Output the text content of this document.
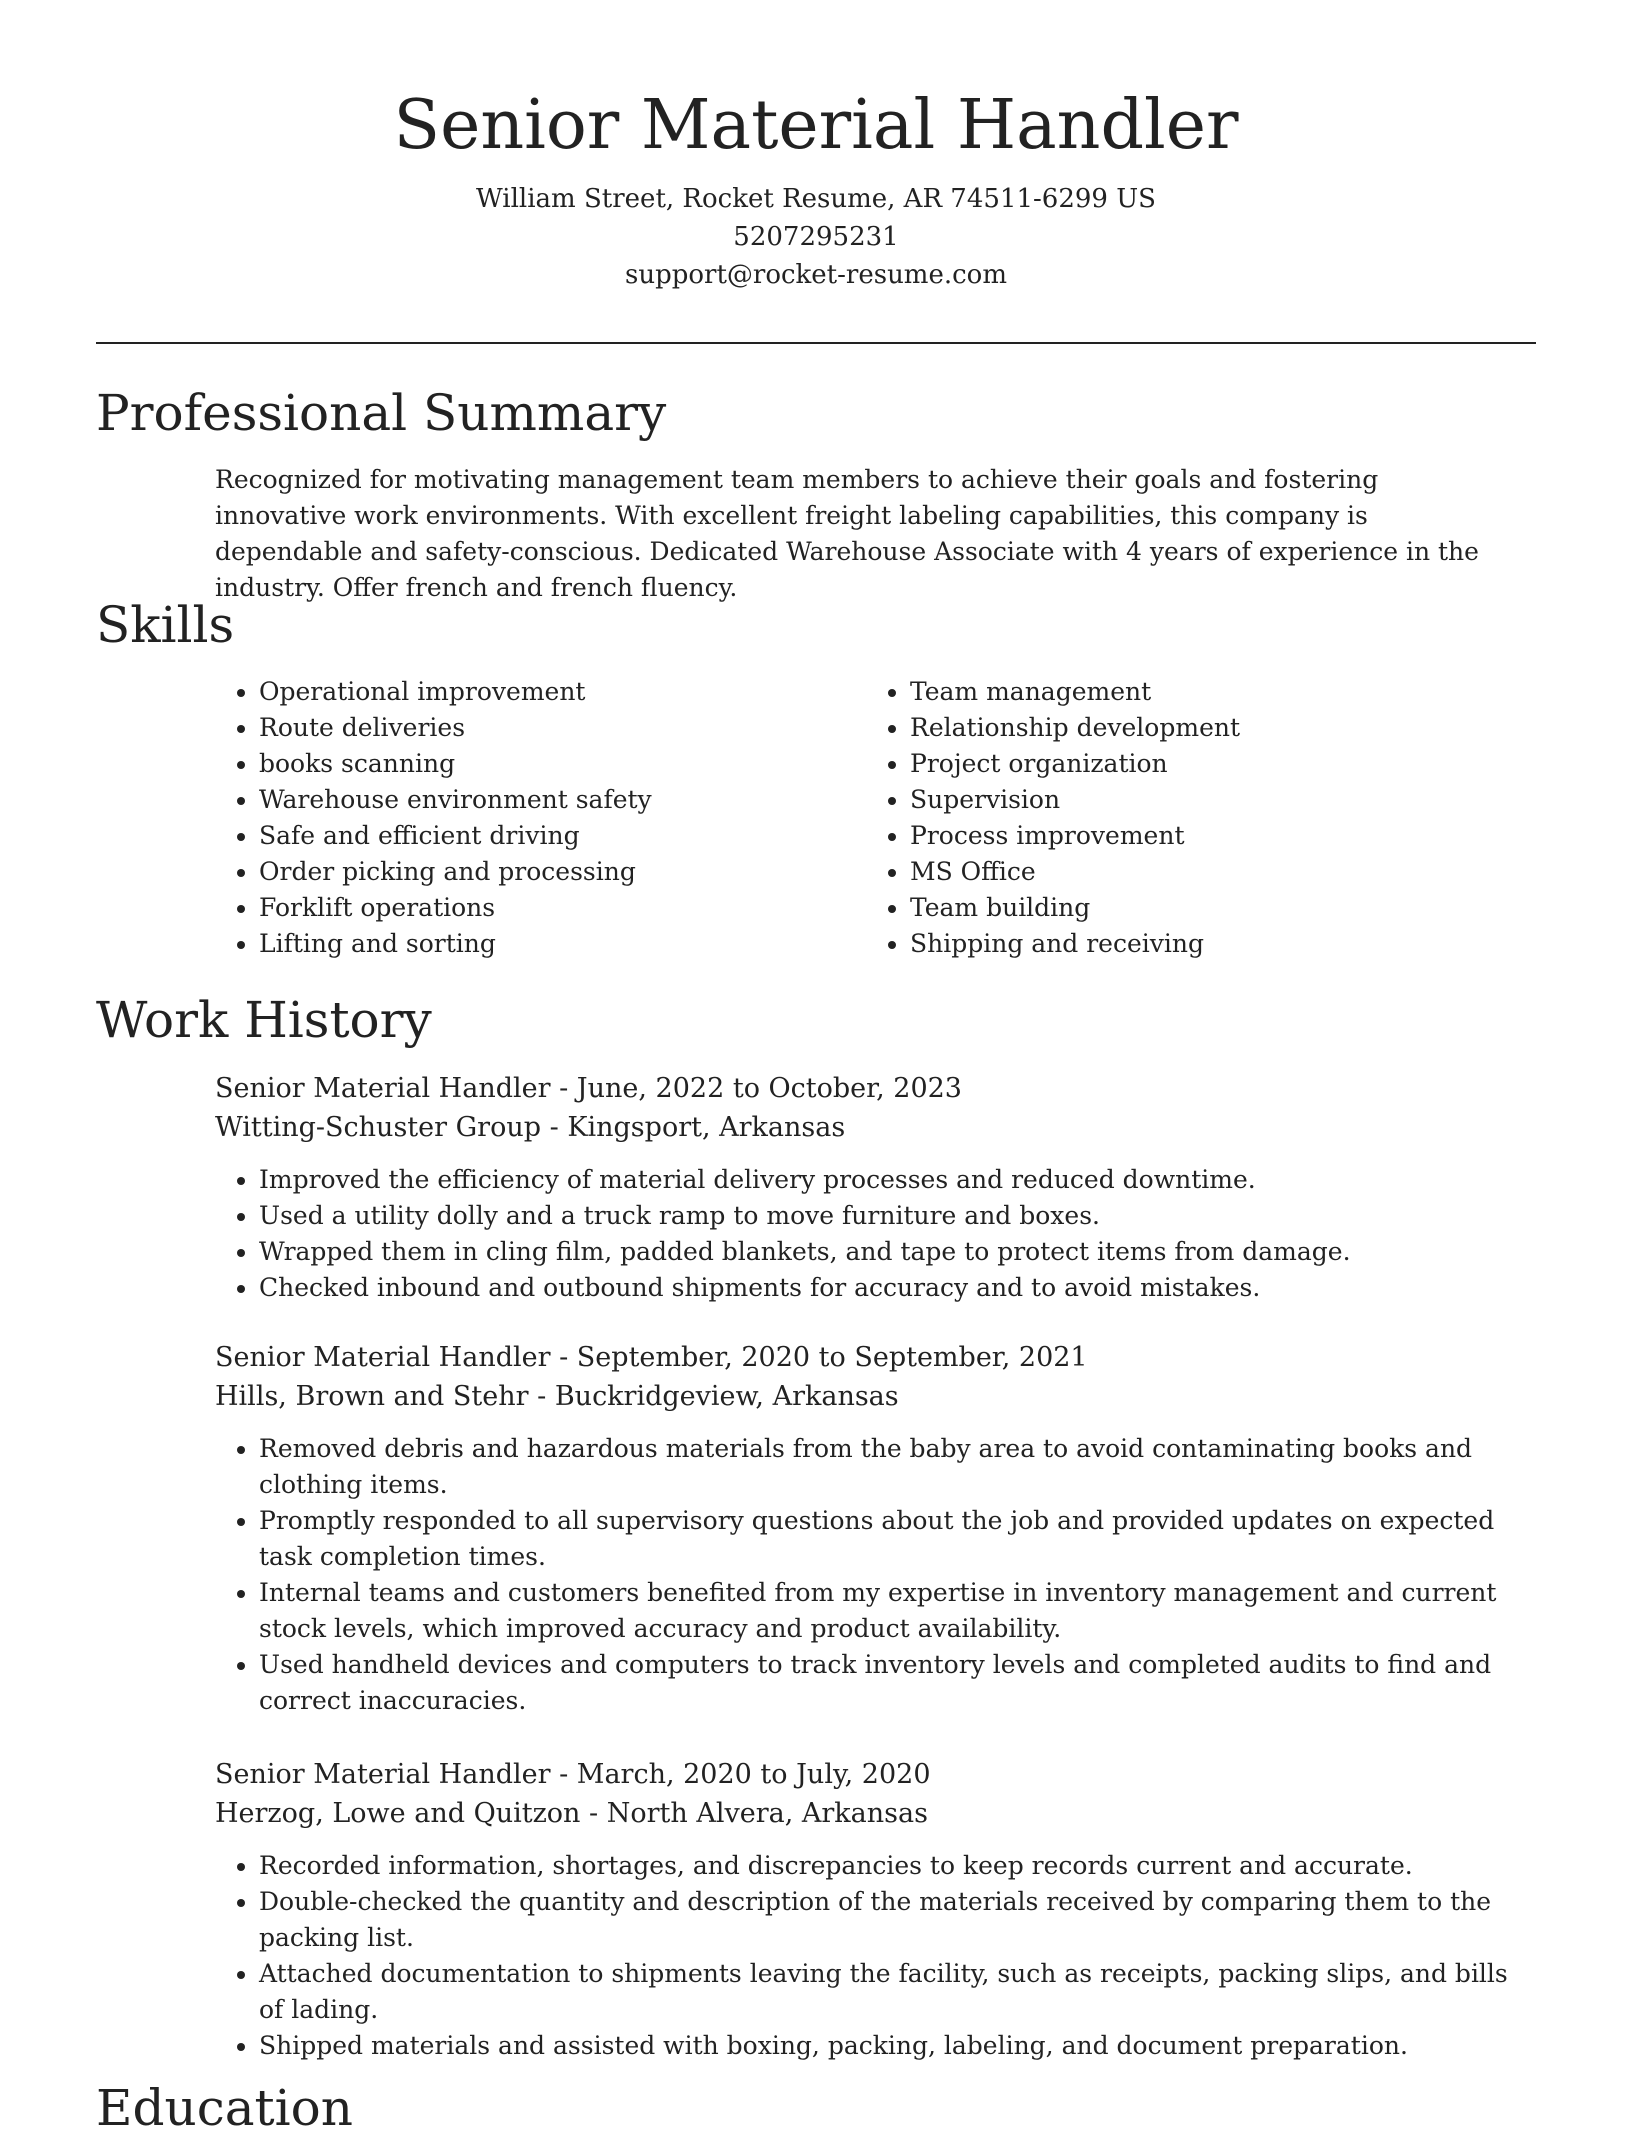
Senior Material Handler

William Street, Rocket Resume, AR 74511-6299 US

5207295231

support@rocket-resume.com

Professional Summary

Recognized for motivating management team members to achieve their goals and fostering innovative work environments. With excellent freight labeling capabilities, this company is dependable and safety-conscious. Dedicated Warehouse Associate with 4 years of experience in the industry. Offer french and french fluency.

Skills
• Operational improvement
• Route deliveries
• books scanning
• Warehouse environment safety
• Safe and efficient driving
• Order picking and processing
• Forklift operations
• Lifting and sorting
• Team management
• Relationship development
• Project organization
• Supervision
• Process improvement
• MS Office
• Team building
• Shipping and receiving
Work History

Senior Material Handler - June, 2022 to October, 2023

Witting-Schuster Group - Kingsport, Arkansas

• Improved the efficiency of material delivery processes and reduced downtime.
• Used a utility dolly and a truck ramp to move furniture and boxes.
• Wrapped them in cling film, padded blankets, and tape to protect items from damage.
• Checked inbound and outbound shipments for accuracy and to avoid mistakes.

Senior Material Handler - September, 2020 to September, 2021

Hills, Brown and Stehr - Buckridgeview, Arkansas

• Removed debris and hazardous materials from the baby area to avoid contaminating books and clothing items.
• Promptly responded to all supervisory questions about the job and provided updates on expected task completion times.
• Internal teams and customers benefited from my expertise in inventory management and current stock levels, which improved accuracy and product availability.
• Used handheld devices and computers to track inventory levels and completed audits to find and correct inaccuracies.

Senior Material Handler - March, 2020 to July, 2020

Herzog, Lowe and Quitzon - North Alvera, Arkansas

• Recorded information, shortages, and discrepancies to keep records current and accurate.
• Double-checked the quantity and description of the materials received by comparing them to the packing list.
• Attached documentation to shipments leaving the facility, such as receipts, packing slips, and bills of lading.
• Shipped materials and assisted with boxing, packing, labeling, and document preparation.
Education
